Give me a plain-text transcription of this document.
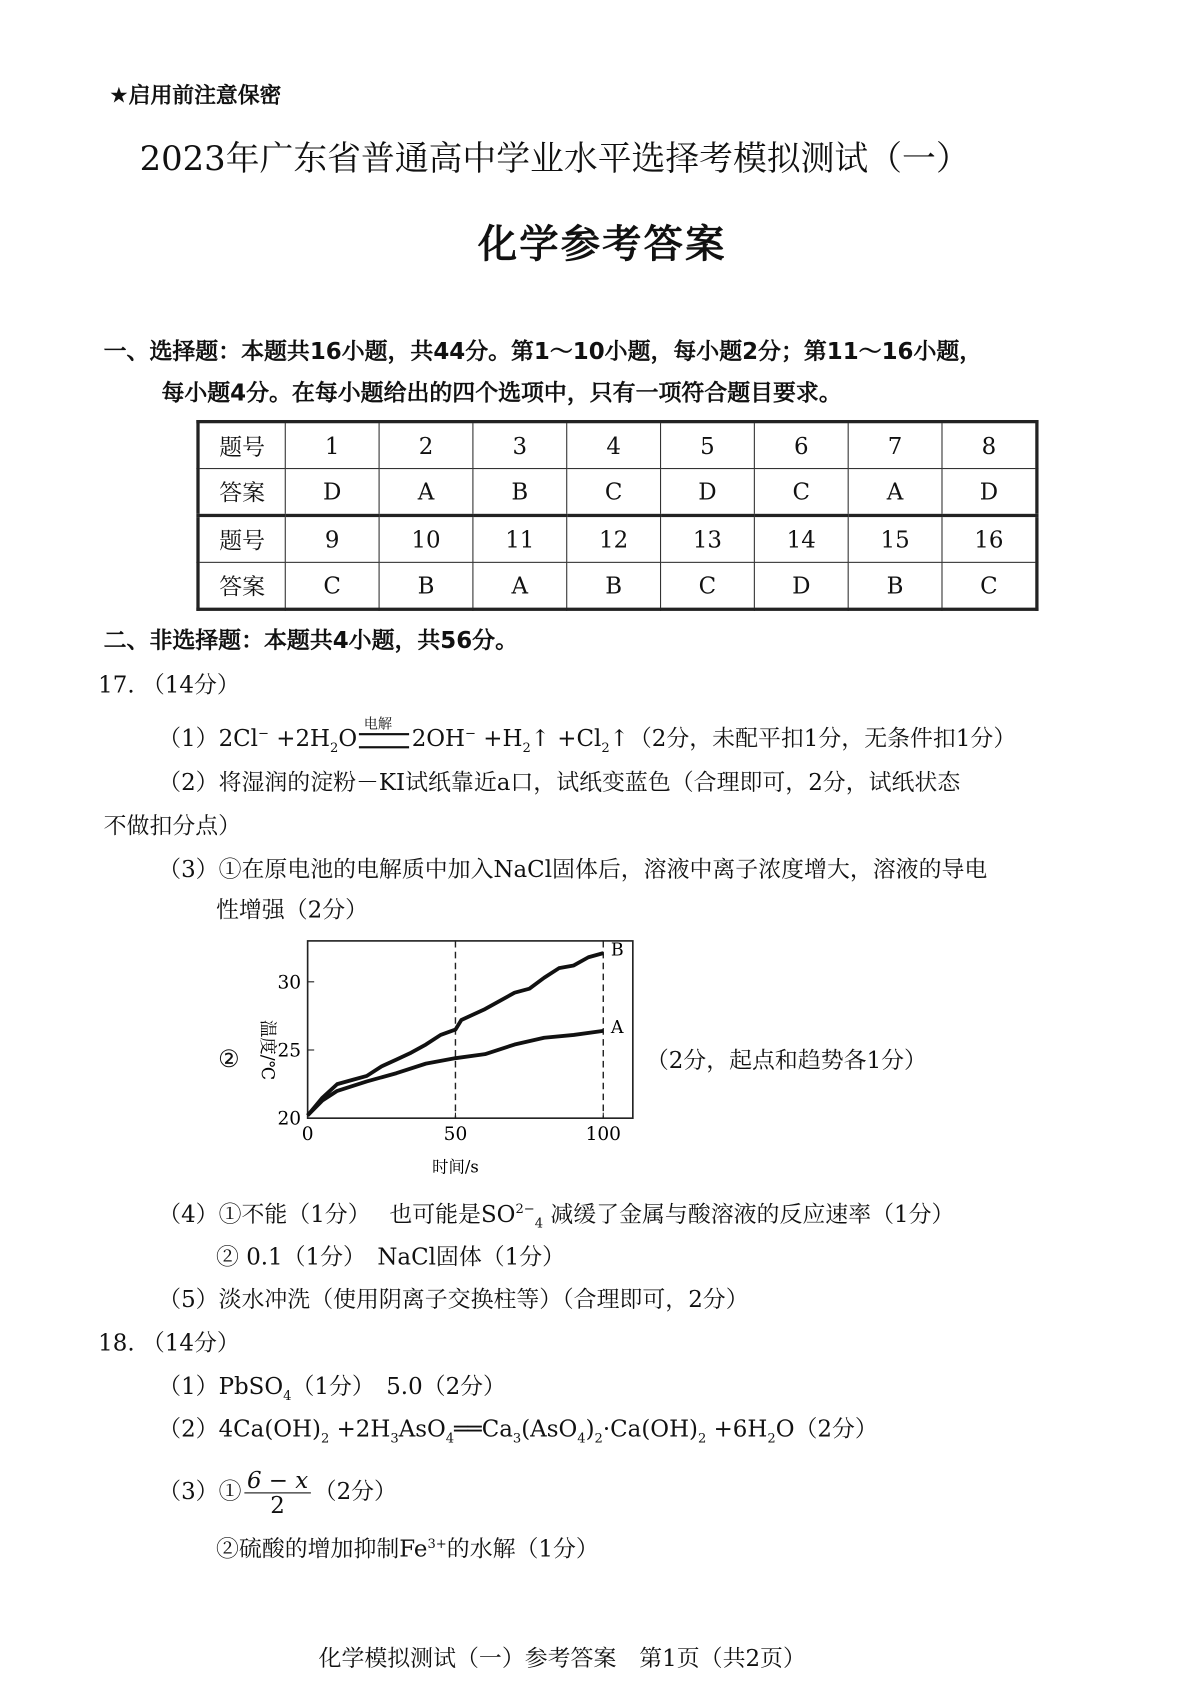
★启用前注意保密
2023年广东省普通高中学业水平选择考模拟测试（一）
化学参考答案
一、选择题：本题共16小题，共44分。第1～10小题，每小题2分；第11～16小题，
每小题4分。在每小题给出的四个选项中，只有一项符合题目要求。
题号	1	2	3	4	5	6	7	8
答案	D	A	B	C	D	C	A	D
题号	9	10	11	12	13	14	15	16
答案	C	B	A	B	C	D	B	C
二、非选择题：本题共4小题，共56分。
17. （14分）
$(1)2Cl^- +2H_2O$
电解
$2OH^- +H_2↑$ $+Cl_2↑(2$分，未配平扣1分，无条件扣1分）
（2）将湿润的淀粉－KI试纸靠近a口，试纸变蓝色（合理即可，2分，试纸状态
不做扣分点）
（3）①在原电池的电解质中加入NaCl固体后，溶液中离子浓度增大，溶液的导电
性增强（2分）
②	（2分，起点和趋势各1分）
0	50	100
20
25
30
时间/s
温度/℃
B
A
（4）①不能（1分）　 也可能是$SO^{2-}_4$ 减缓了金属与酸溶液的反应速率（1分）
② 0.1（1分）　NaCl固体（1分）
（5）淡水冲洗（使用阴离子交换柱等）（合理即可，2分）
18. （14分）
（1）PbSO$_4$（1分）　5.0（2分）
$(2)4Ca(OH)_2$ $+2H_3AsO_4══Ca_3(AsO_4)_2\cdot Ca(OH)_2 +6H_2O(2$分）
（3）① $\frac{6 - x}{2} (2$分）
②硫酸的增加抑制$Fe^{3+}$的水解（1分）
化学模拟测试（一）参考答案　第1页（共2页）
